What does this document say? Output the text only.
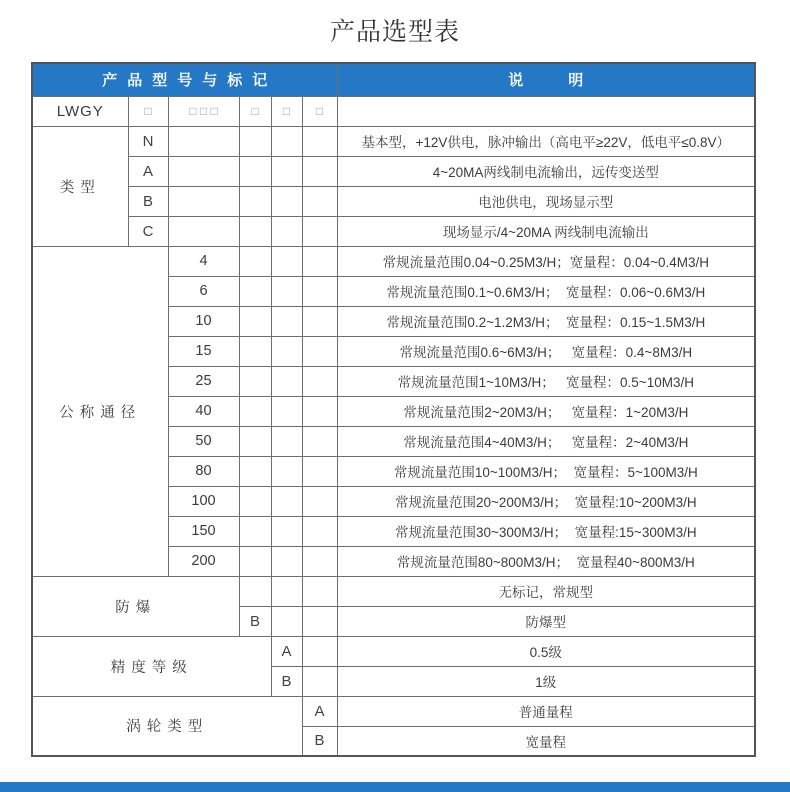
产品选型表
产品型号与标记						说　　　明
LWGY	□	□ □ □	□	□	□	
类型	N					基本型，+12V供电，脉冲输出（高电平≥22V，低电平≤0.8V）
	A					4~20MA两线制电流输出，远传变送型
	B					电池供电，现场显示型
	C					现场显示/4~20MA 两线制电流输出
公称通径		4				常规流量范围0.04~0.25M3/H；宽量程：0.04~0.4M3/H
		6				常规流量范围0.1~0.6M3/H；  宽量程：0.06~0.6M3/H
		10				常规流量范围0.2~1.2M3/H；  宽量程：0.15~1.5M3/H
		15				常规流量范围0.6~6M3/H；   宽量程：0.4~8M3/H
		25				常规流量范围1~10M3/H；   宽量程：0.5~10M3/H
		40				常规流量范围2~20M3/H；   宽量程：1~20M3/H
		50				常规流量范围4~40M3/H；   宽量程：2~40M3/H
		80				常规流量范围10~100M3/H；  宽量程：5~100M3/H
		100				常规流量范围20~200M3/H；  宽量程:10~200M3/H
		150				常规流量范围30~300M3/H；  宽量程:15~300M3/H
		200				常规流量范围80~800M3/H；  宽量程40~800M3/H
防爆						无标记，常规型
			B			防爆型
精度等级				A		0.5级
				B		1级
涡轮类型					A	普通量程
					B	宽量程
